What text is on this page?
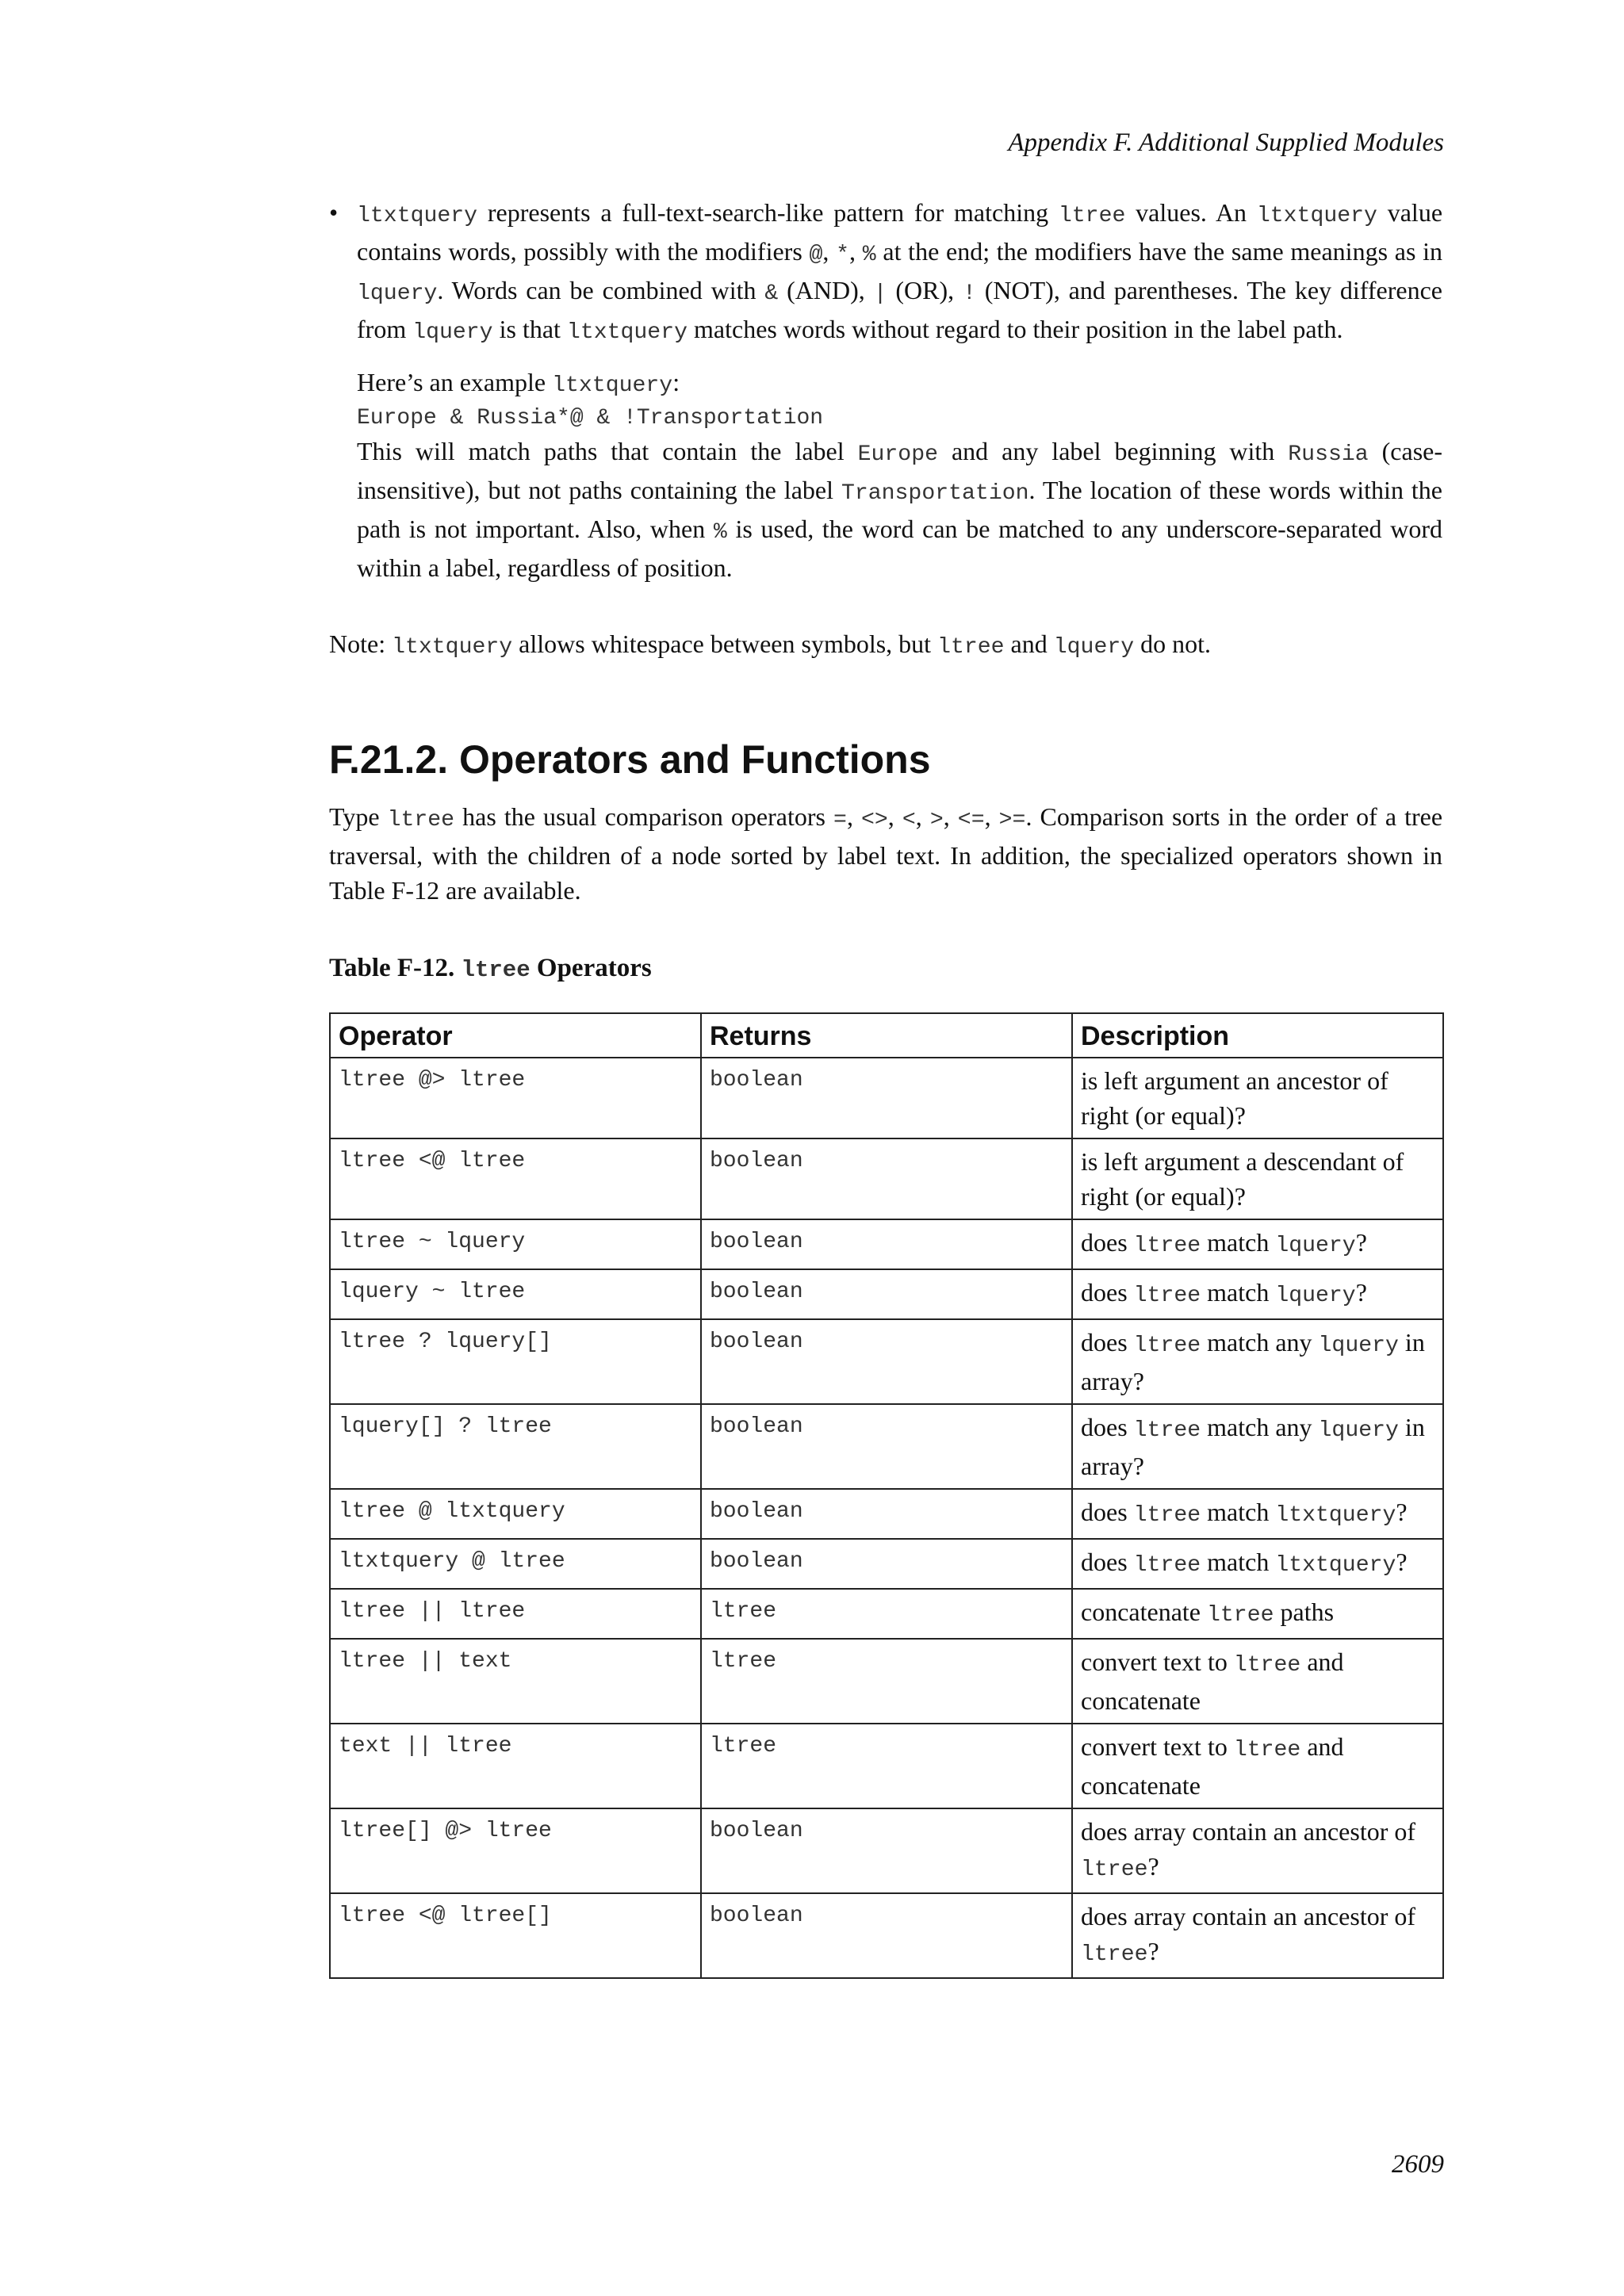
Appendix F. Additional Supplied Modules
• ltxtquery represents a full-text-search-like pattern for matching ltree values. An ltxtquery value contains words, possibly with the modifiers @, *, % at the end; the modifiers have the same meanings as in lquery. Words can be combined with & (AND), | (OR), ! (NOT), and parentheses. The key difference from lquery is that ltxtquery matches words without regard to their position in the label path.

Here’s an example ltxtquery:

Europe & Russia*@ & !Transportation

This will match paths that contain the label Europe and any label beginning with Russia (case-insensitive), but not paths containing the label Transportation. The location of these words within the path is not important. Also, when % is used, the word can be matched to any underscore-separated word within a label, regardless of position.

Note: ltxtquery allows whitespace between symbols, but ltree and lquery do not.

F.21.2. Operators and Functions

Type ltree has the usual comparison operators =, <>, <, >, <=, >=. Comparison sorts in the order of a tree traversal, with the children of a node sorted by label text. In addition, the specialized operators shown in Table F-12 are available.

Table F-12. ltree Operators

Operator	Returns	Description
ltree @> ltree	boolean	is left argument an ancestor of right (or equal)?
ltree <@ ltree	boolean	is left argument a descendant of right (or equal)?
ltree ~ lquery	boolean	does ltree match lquery?
lquery ~ ltree	boolean	does ltree match lquery?
ltree ? lquery[]	boolean	does ltree match any lquery in array?
lquery[] ? ltree	boolean	does ltree match any lquery in array?
ltree @ ltxtquery	boolean	does ltree match ltxtquery?
ltxtquery @ ltree	boolean	does ltree match ltxtquery?
ltree || ltree	ltree	concatenate ltree paths
ltree || text	ltree	convert text to ltree and concatenate
text || ltree	ltree	convert text to ltree and concatenate
ltree[] @> ltree	boolean	does array contain an ancestor of ltree?
ltree <@ ltree[]	boolean	does array contain an ancestor of ltree?
2609
